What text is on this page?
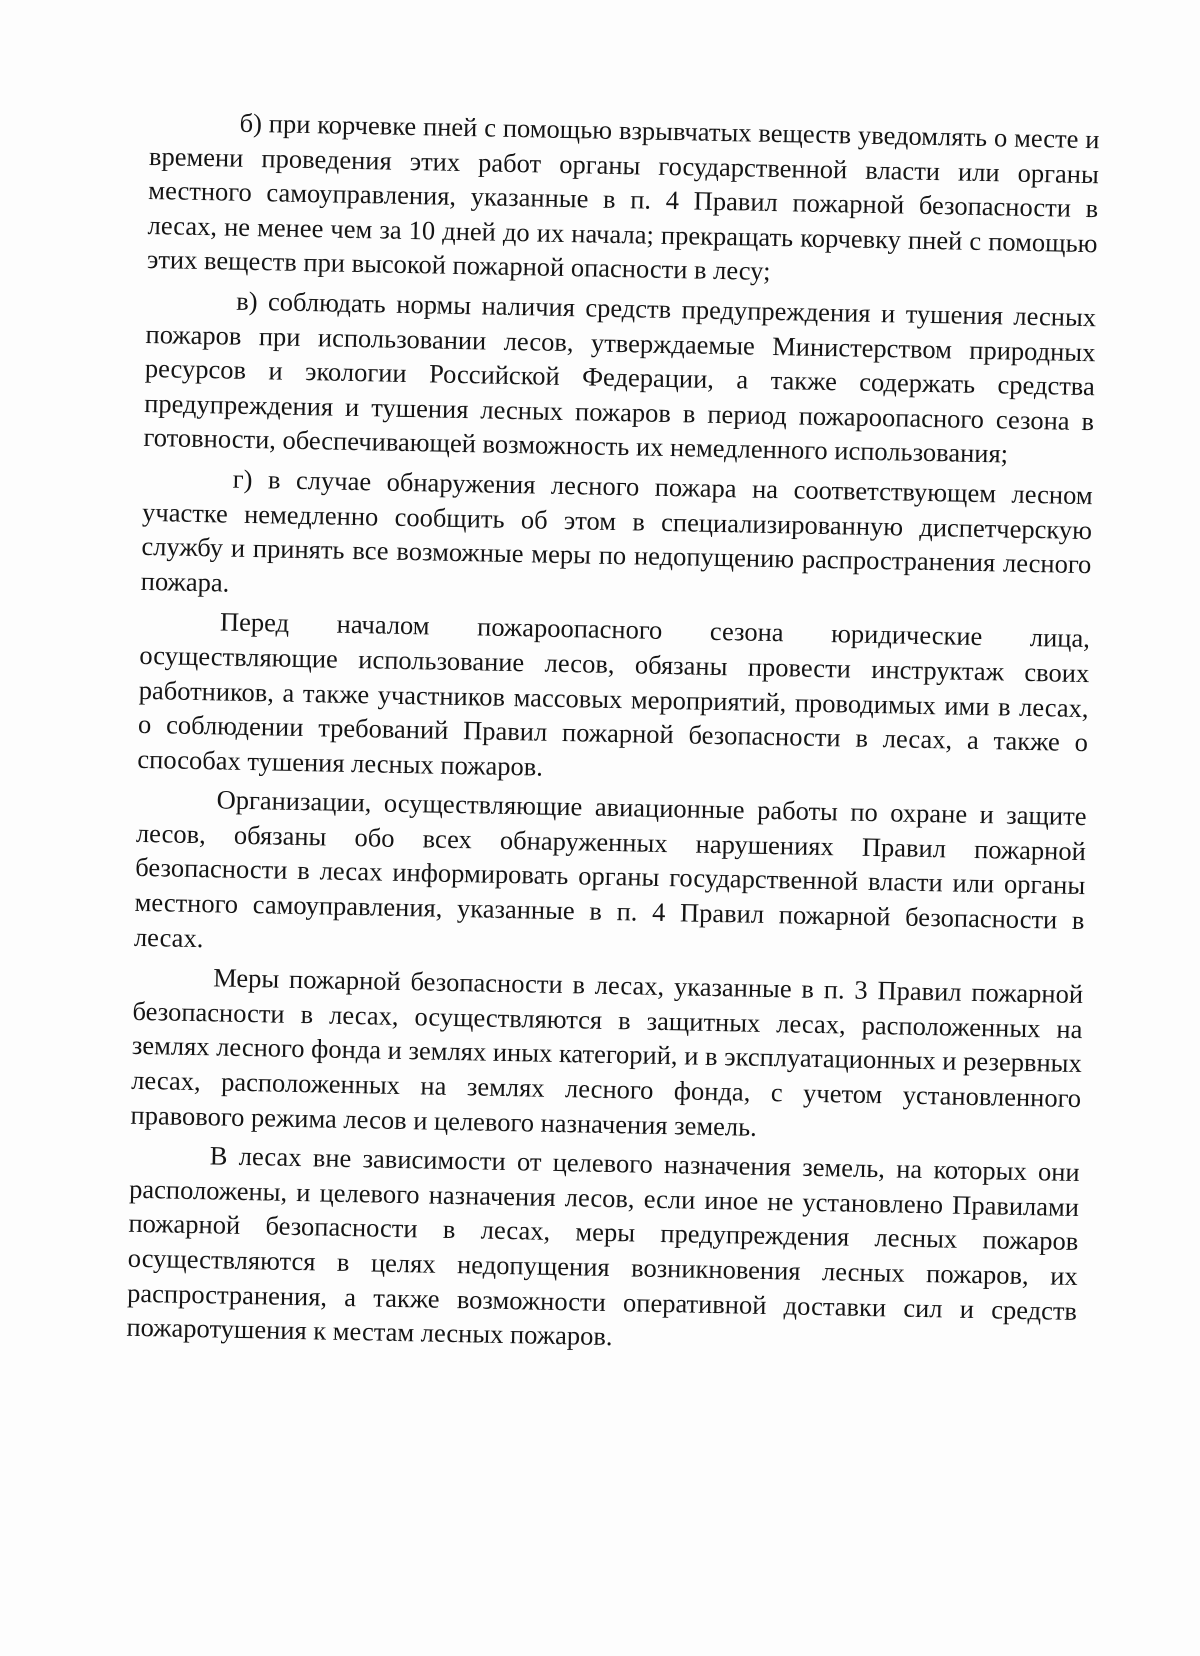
б) при корчевке пней с помощью взрывчатых веществ уведомлять о месте и времени проведения этих работ органы государственной власти или органы местного самоуправления, указанные в п. 4 Правил пожарной безопасности в лесах, не менее чем за 10 дней до их начала; прекращать корчевку пней с помощью этих веществ при высокой пожарной опасности в лесу;

в) соблюдать нормы наличия средств предупреждения и тушения лесных пожаров при использовании лесов, утверждаемые Министерством природных ресурсов и экологии Российской Федерации, а также содержать средства предупреждения и тушения лесных пожаров в период пожароопасного сезона в готовности, обеспечивающей возможность их немедленного использования;

г) в случае обнаружения лесного пожара на соответствующем лесном участке немедленно сообщить об этом в специализированную диспетчерскую службу и принять все возможные меры по недопущению распространения лесного пожара.

Перед началом пожароопасного сезона юридические лица, осуществляющие использование лесов, обязаны провести инструктаж своих работников, а также участников массовых мероприятий, проводимых ими в лесах, о соблюдении требований Правил пожарной безопасности в лесах, а также о способах тушения лесных пожаров.

Организации, осуществляющие авиационные работы по охране и защите лесов, обязаны обо всех обнаруженных нарушениях Правил пожарной безопасности в лесах информировать органы государственной власти или органы местного самоуправления, указанные в п. 4 Правил пожарной безопасности в лесах.

Меры пожарной безопасности в лесах, указанные в п. 3 Правил пожарной безопасности в лесах, осуществляются в защитных лесах, расположенных на землях лесного фонда и землях иных категорий, и в эксплуатационных и резервных лесах, расположенных на землях лесного фонда, с учетом установленного правового режима лесов и целевого назначения земель.

В лесах вне зависимости от целевого назначения земель, на которых они расположены, и целевого назначения лесов, если иное не установлено Правилами пожарной безопасности в лесах, меры предупреждения лесных пожаров осуществляются в целях недопущения возникновения лесных пожаров, их распространения, а также возможности оперативной доставки сил и средств пожаротушения к местам лесных пожаров.
